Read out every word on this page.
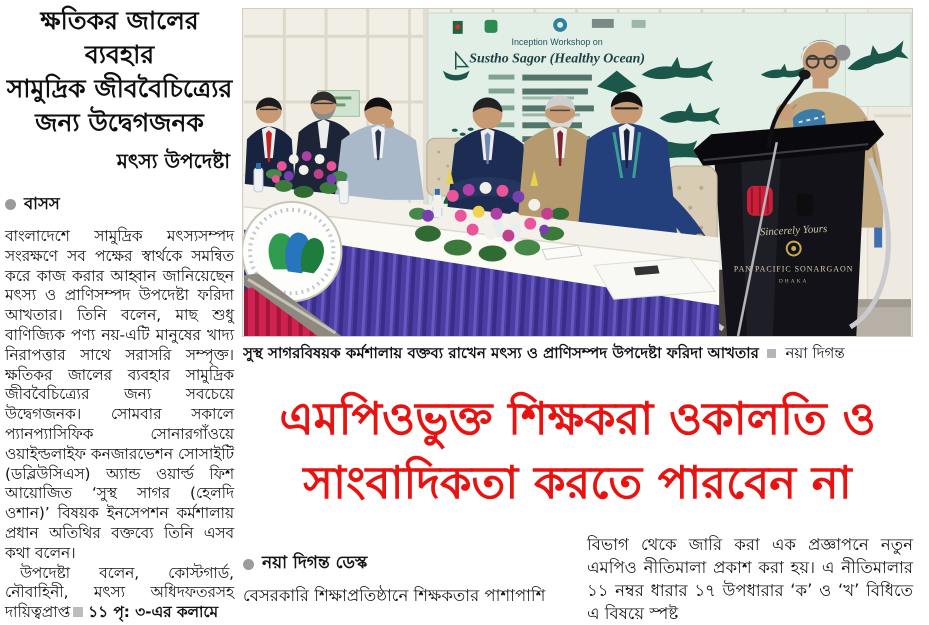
ক্ষতিকর জালের ব্যবহার
সামুদ্রিক জীববৈচিত্র্যের
জন্য উদ্বেগজনক
মৎস্য উপদেষ্টা
বাসস

বাংলাদেশে সামুদ্রিক মৎস্যসম্পদ সংরক্ষণে সব পক্ষের স্বার্থকে সমন্বিত করে কাজ করার আহ্বান জানিয়েছেন মৎস্য ও প্রাণিসম্পদ উপদেষ্টা ফরিদা আখতার। তিনি বলেন, মাছ শুধু বাণিজ্যিক পণ্য নয়-এটি মানুষের খাদ্য নিরাপত্তার সাথে সরাসরি সম্পৃক্ত। ক্ষতিকর জালের ব্যবহার সামুদ্রিক জীববৈচিত্র্যের জন্য সবচেয়ে উদ্বেগজনক। সোমবার সকালে প্যানপ্যাসিফিক সোনারগাঁওয়ে ওয়াইল্ডলাইফ কনজারভেশন সোসাইটি (ডব্লিউসিএস) অ্যান্ড ওয়ার্ল্ড ফিশ আয়োজিত ‘সুস্থ সাগর (হেলদি ওশান)’ বিষয়ক ইনসেপশন কর্মশালায় প্রধান অতিথির বক্তব্যে তিনি এসব কথা বলেন।

উপদেষ্টা বলেন, কোস্টগার্ড, নৌবাহিনী, মৎস্য অধিদফতরসহ দায়িত্বপ্রাপ্ত ১১ পৃ: ৩-এর কলামে

Inception Workshop on
Sustho Sagor (Healthy Ocean)
Sincerely Yours
PAN PACIFIC SONARGAON
DHAKA
সুস্থ সাগরবিষয়ক কর্মশালায় বক্তব্য রাখেন মৎস্য ও প্রাণিসম্পদ উপদেষ্টা ফরিদা আখতার নয়া দিগন্ত
এমপিওভুক্ত শিক্ষকরা ওকালতি ও
সাংবাদিকতা করতে পারবেন না
নয়া দিগন্ত ডেস্ক

বেসরকারি শিক্ষাপ্রতিষ্ঠানে শিক্ষকতার পাশাপাশি

বিভাগ থেকে জারি করা এক প্রজ্ঞাপনে নতুন এমপিও নীতিমালা প্রকাশ করা হয়। এ নীতিমালার ১১ নম্বর ধারার ১৭ উপধারার ‘ক’ ও ‘খ’ বিধিতে এ বিষয়ে স্পষ্ট
